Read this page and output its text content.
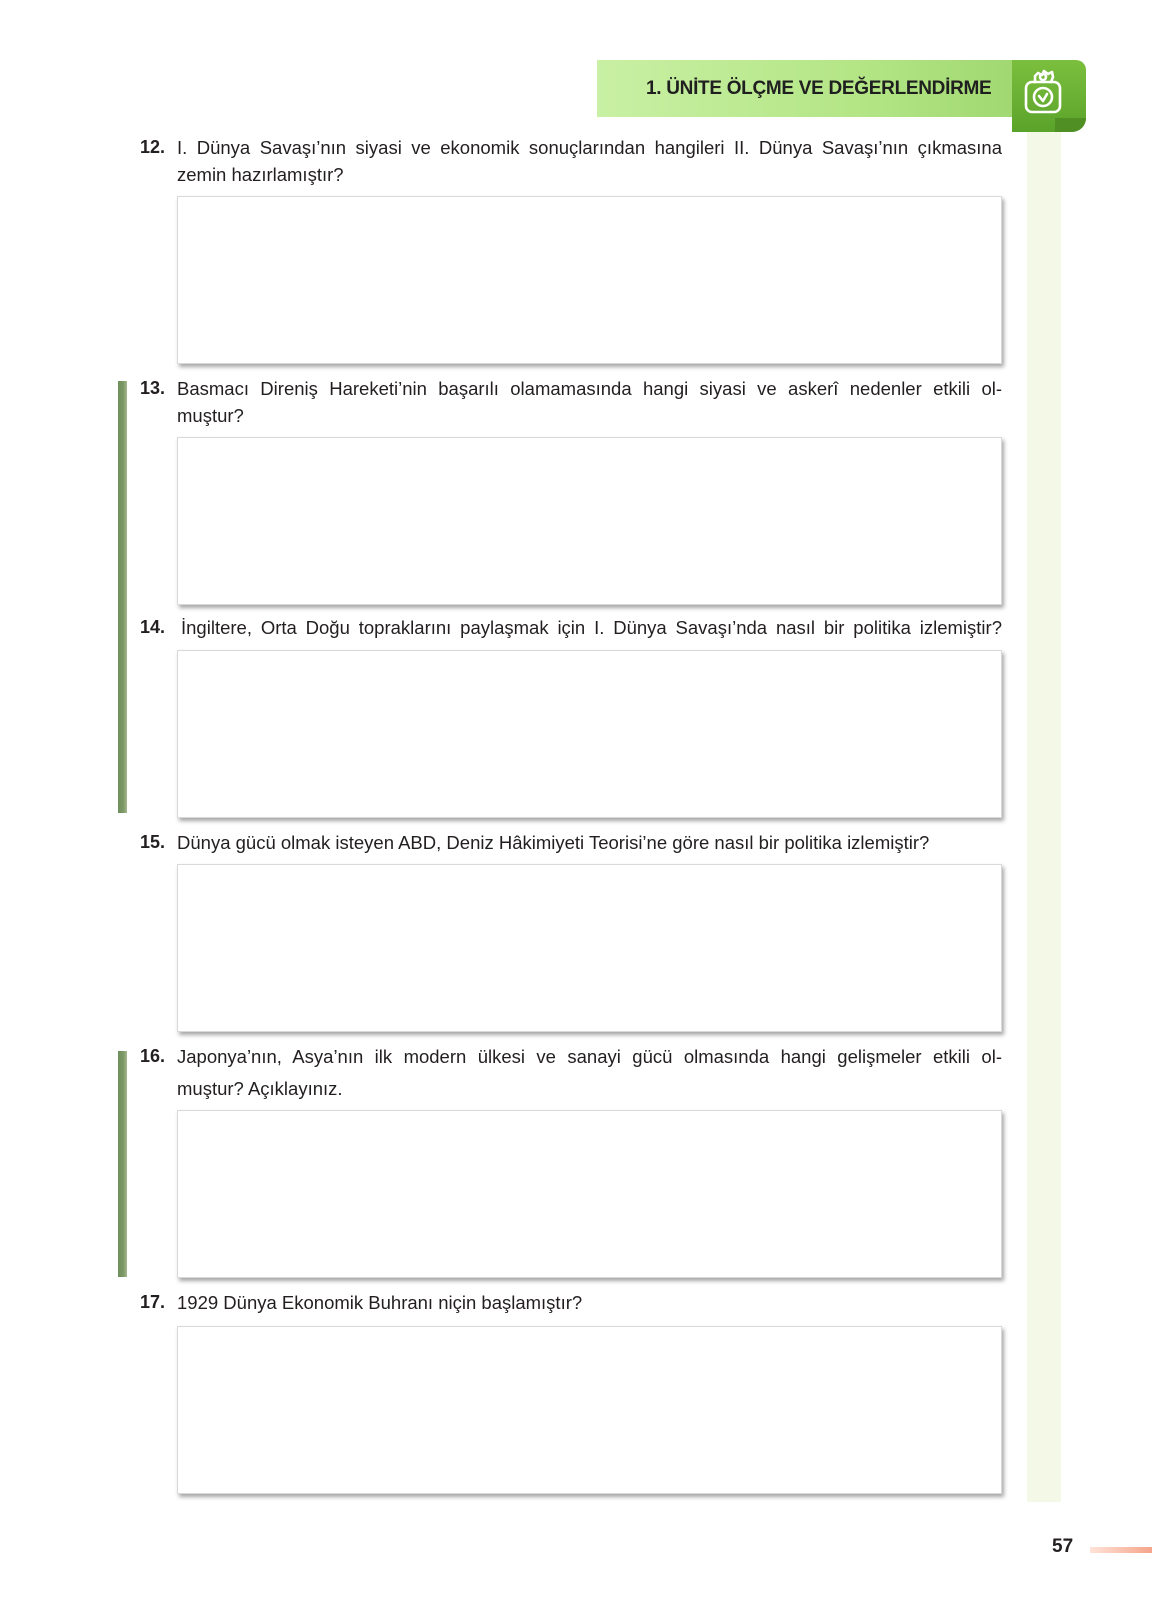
1. ÜNİTE ÖLÇME VE DEĞERLENDİRME
12. I. Dünya Savaşı’nın siyasi ve ekonomik sonuçlarından hangileri II. Dünya Savaşı’nın çıkmasına
zemin hazırlamıştır?
13. Basmacı Direniş Hareketi’nin başarılı olamamasında hangi siyasi ve askerî nedenler etkili ol-
muştur?
14. İngiltere, Orta Doğu topraklarını paylaşmak için I. Dünya Savaşı’nda nasıl bir politika izlemiştir?
15. Dünya gücü olmak isteyen ABD, Deniz Hâkimiyeti Teorisi’ne göre nasıl bir politika izlemiştir?
16. Japonya’nın, Asya’nın ilk modern ülkesi ve sanayi gücü olmasında hangi gelişmeler etkili ol-
muştur? Açıklayınız.
17. 1929 Dünya Ekonomik Buhranı niçin başlamıştır?
57
